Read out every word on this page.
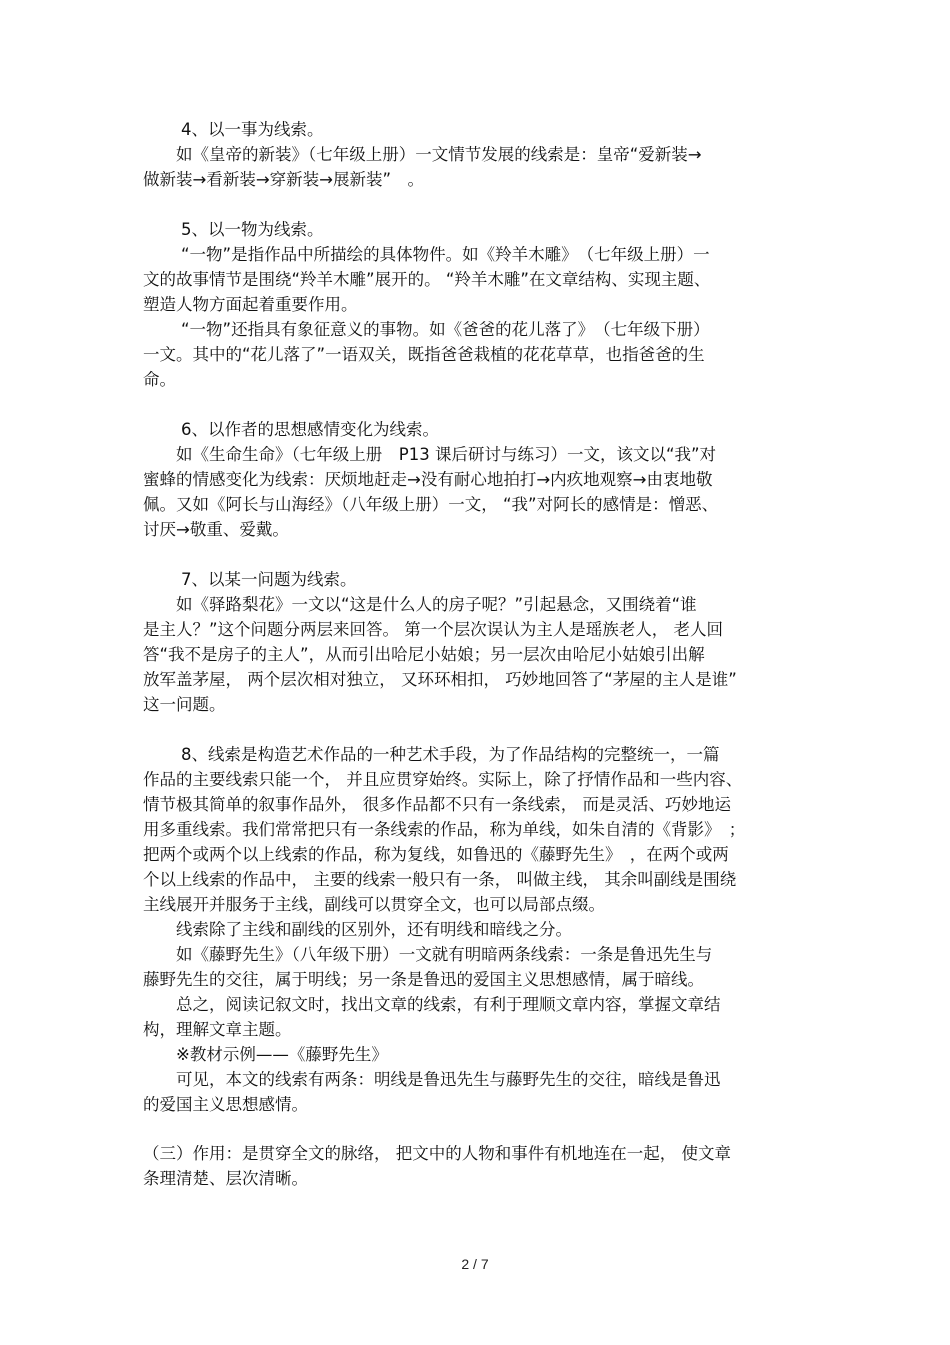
4、以一事为线索。
如《皇帝的新装》（七年级上册）一文情节发展的线索是：皇帝“爱新装→
做新装→看新装→穿新装→展新装”　。
5、以一物为线索。
“一物”是指作品中所描绘的具体物件。如《羚羊木雕》　（七年级上册）一
文的故事情节是围绕“羚羊木雕”展开的。 “羚羊木雕”在文章结构、实现主题、
塑造人物方面起着重要作用。
“一物”还指具有象征意义的事物。如《爸爸的花儿落了》　（七年级下册）
一文。其中的“花儿落了”一语双关，既指爸爸栽植的花花草草，也指爸爸的生
命。
6、以作者的思想感情变化为线索。
如《生命生命》（七年级上册　P13 课后研讨与练习）一文，该文以“我”对
蜜蜂的情感变化为线索：厌烦地赶走→没有耐心地拍打→内疚地观察→由衷地敬
佩。又如《阿长与山海经》（八年级上册）一文， “我”对阿长的感情是：憎恶、
讨厌→敬重、爱戴。
7、以某一问题为线索。
如《驿路梨花》一文以“这是什么人的房子呢？”引起悬念，又围绕着“谁
是主人？”这个问题分两层来回答。 第一个层次误认为主人是瑶族老人， 老人回
答“我不是房子的主人”，从而引出哈尼小姑娘；另一层次由哈尼小姑娘引出解
放军盖茅屋， 两个层次相对独立， 又环环相扣， 巧妙地回答了“茅屋的主人是谁”
这一问题。
8、线索是构造艺术作品的一种艺术手段，为了作品结构的完整统一，一篇
作品的主要线索只能一个， 并且应贯穿始终。实际上，除了抒情作品和一些内容、
情节极其简单的叙事作品外， 很多作品都不只有一条线索， 而是灵活、巧妙地运
用多重线索。我们常常把只有一条线索的作品，称为单线，如朱自清的《背影》　；
把两个或两个以上线索的作品，称为复线，如鲁迅的《藤野先生》　，在两个或两
个以上线索的作品中， 主要的线索一般只有一条， 叫做主线， 其余叫副线是围绕
主线展开并服务于主线，副线可以贯穿全文，也可以局部点缀。
线索除了主线和副线的区别外，还有明线和暗线之分。
如《藤野先生》（八年级下册）一文就有明暗两条线索：一条是鲁迅先生与
藤野先生的交往，属于明线；另一条是鲁迅的爱国主义思想感情，属于暗线。
总之，阅读记叙文时，找出文章的线索，有利于理顺文章内容，掌握文章结
构，理解文章主题。
※教材示例——《藤野先生》
可见，本文的线索有两条：明线是鲁迅先生与藤野先生的交往，暗线是鲁迅
的爱国主义思想感情。
（三）作用：是贯穿全文的脉络， 把文中的人物和事件有机地连在一起， 使文章
条理清楚、层次清晰。
2 / 7
